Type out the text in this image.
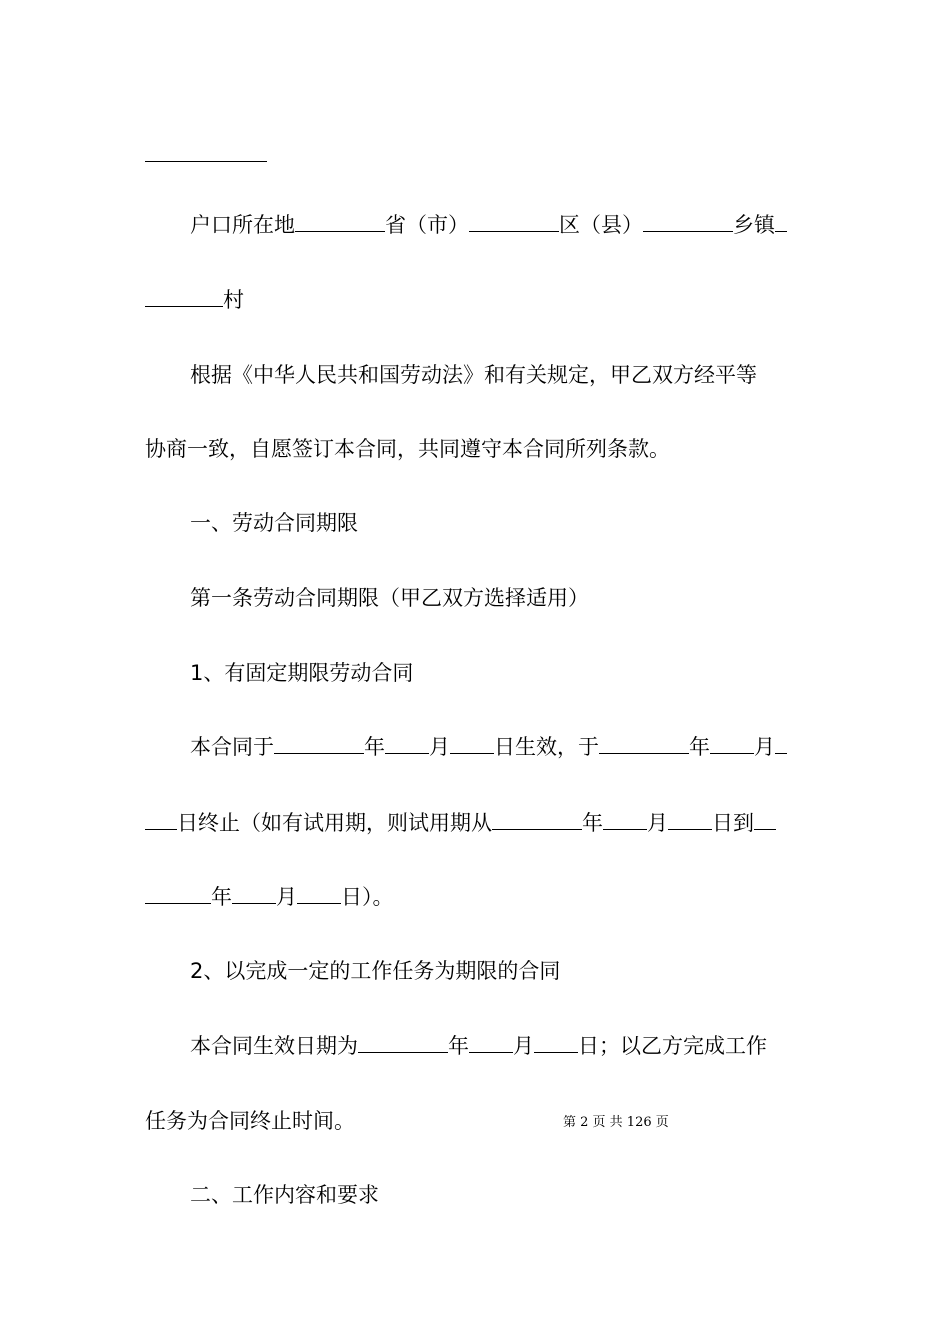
户口所在地	省（市）	区（县）	乡镇
村
根据《中华人民共和国劳动法》和有关规定，甲乙双方经平等
协商一致，自愿签订本合同，共同遵守本合同所列条款。
一、劳动合同期限
第一条劳动合同期限（甲乙双方选择适用）
1、有固定期限劳动合同
本合同于	年 月 日生效，于	年 月
日终止（如有试用期，则试用期从	年 月 日到
年 月 日）。
2、以完成一定的工作任务为期限的合同
本合同生效日期为	年 月 日；以乙方完成工作
任务为合同终止时间。	第 2 页 共 126 页
二、工作内容和要求
